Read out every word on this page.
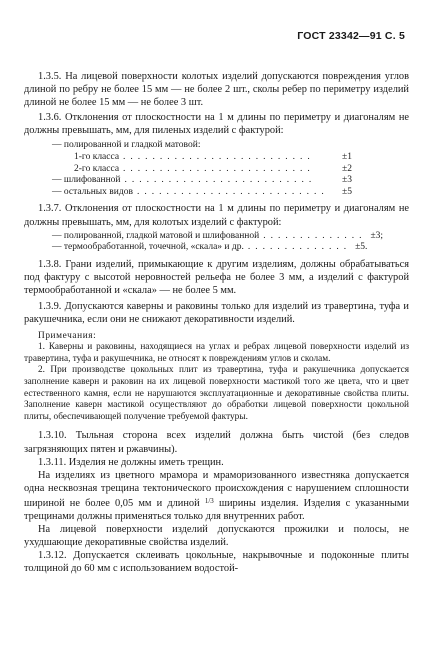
ГОСТ 23342—91 С. 5

1.3.5. На лицевой поверхности колотых изделий допускаются повреждения углов длиной по ребру не более 15 мм — не более 2 шт., сколы ребер по периметру изделий длиной не более 15 мм — не более 3 шт.

1.3.6. Отклонения от плоскостности на 1 м длины по периметру и диагоналям не должны превышать, мм, для пиленых изделий с фактурой:

— полированной и гладкой матовой:
1-го класса ..........................	±1
2-го класса ..........................	±2
— шлифованной ..........................	±3
— остальных видов ..........................	±5

1.3.7. Отклонения от плоскостности на 1 м длины по периметру и диагоналям не должны превышать, мм, для колотых изделий с фактурой:

— полированной, гладкой матовой и шлифованной .............. ±3;
— термообработанной, точечной, «скала» и др. .............. ±5.

1.3.8. Грани изделий, примыкающие к другим изделиям, должны обрабатываться под фактуру с высотой неровностей рельефа не более 3 мм, а изделий с фактурой термообработанной и «скала» — не более 5 мм.

1.3.9. Допускаются каверны и раковины только для изделий из травертина, туфа и ракушечника, если они не снижают декоративности изделий.

Примечания:

1. Каверны и раковины, находящиеся на углах и ребрах лицевой поверхности изделий из травертина, туфа и ракушечника, не относят к повреждениям углов и сколам.

2. При производстве цокольных плит из травертина, туфа и ракушечника допускается заполнение каверн и раковин на их лицевой поверхности мастикой того же цвета, что и цвет естественного камня, если не нарушаются эксплуатационные и декоративные свойства плиты. Заполнение каверн мастикой осуществляют до обработки лицевой поверхности цокольной плиты, обеспечивающей получение требуемой фактуры.

1.3.10. Тыльная сторона всех изделий должна быть чистой (без следов загрязняющих пятен и ржавчины).

1.3.11. Изделия не должны иметь трещин.

На изделиях из цветного мрамора и мраморизованного известняка допускается одна несквозная трещина тектонического происхождения с нарушением сплошности шириной не более 0,05 мм и длиной $^{1/3}$ ширины изделия. Изделия с указанными трещинами должны применяться только для внутренних работ.

На лицевой поверхности изделий допускаются прожилки и полосы, не ухудшающие декоративные свойства изделий.

1.3.12. Допускается склеивать цокольные, накрывочные и подоконные плиты толщиной до 60 мм с использованием водостой-
